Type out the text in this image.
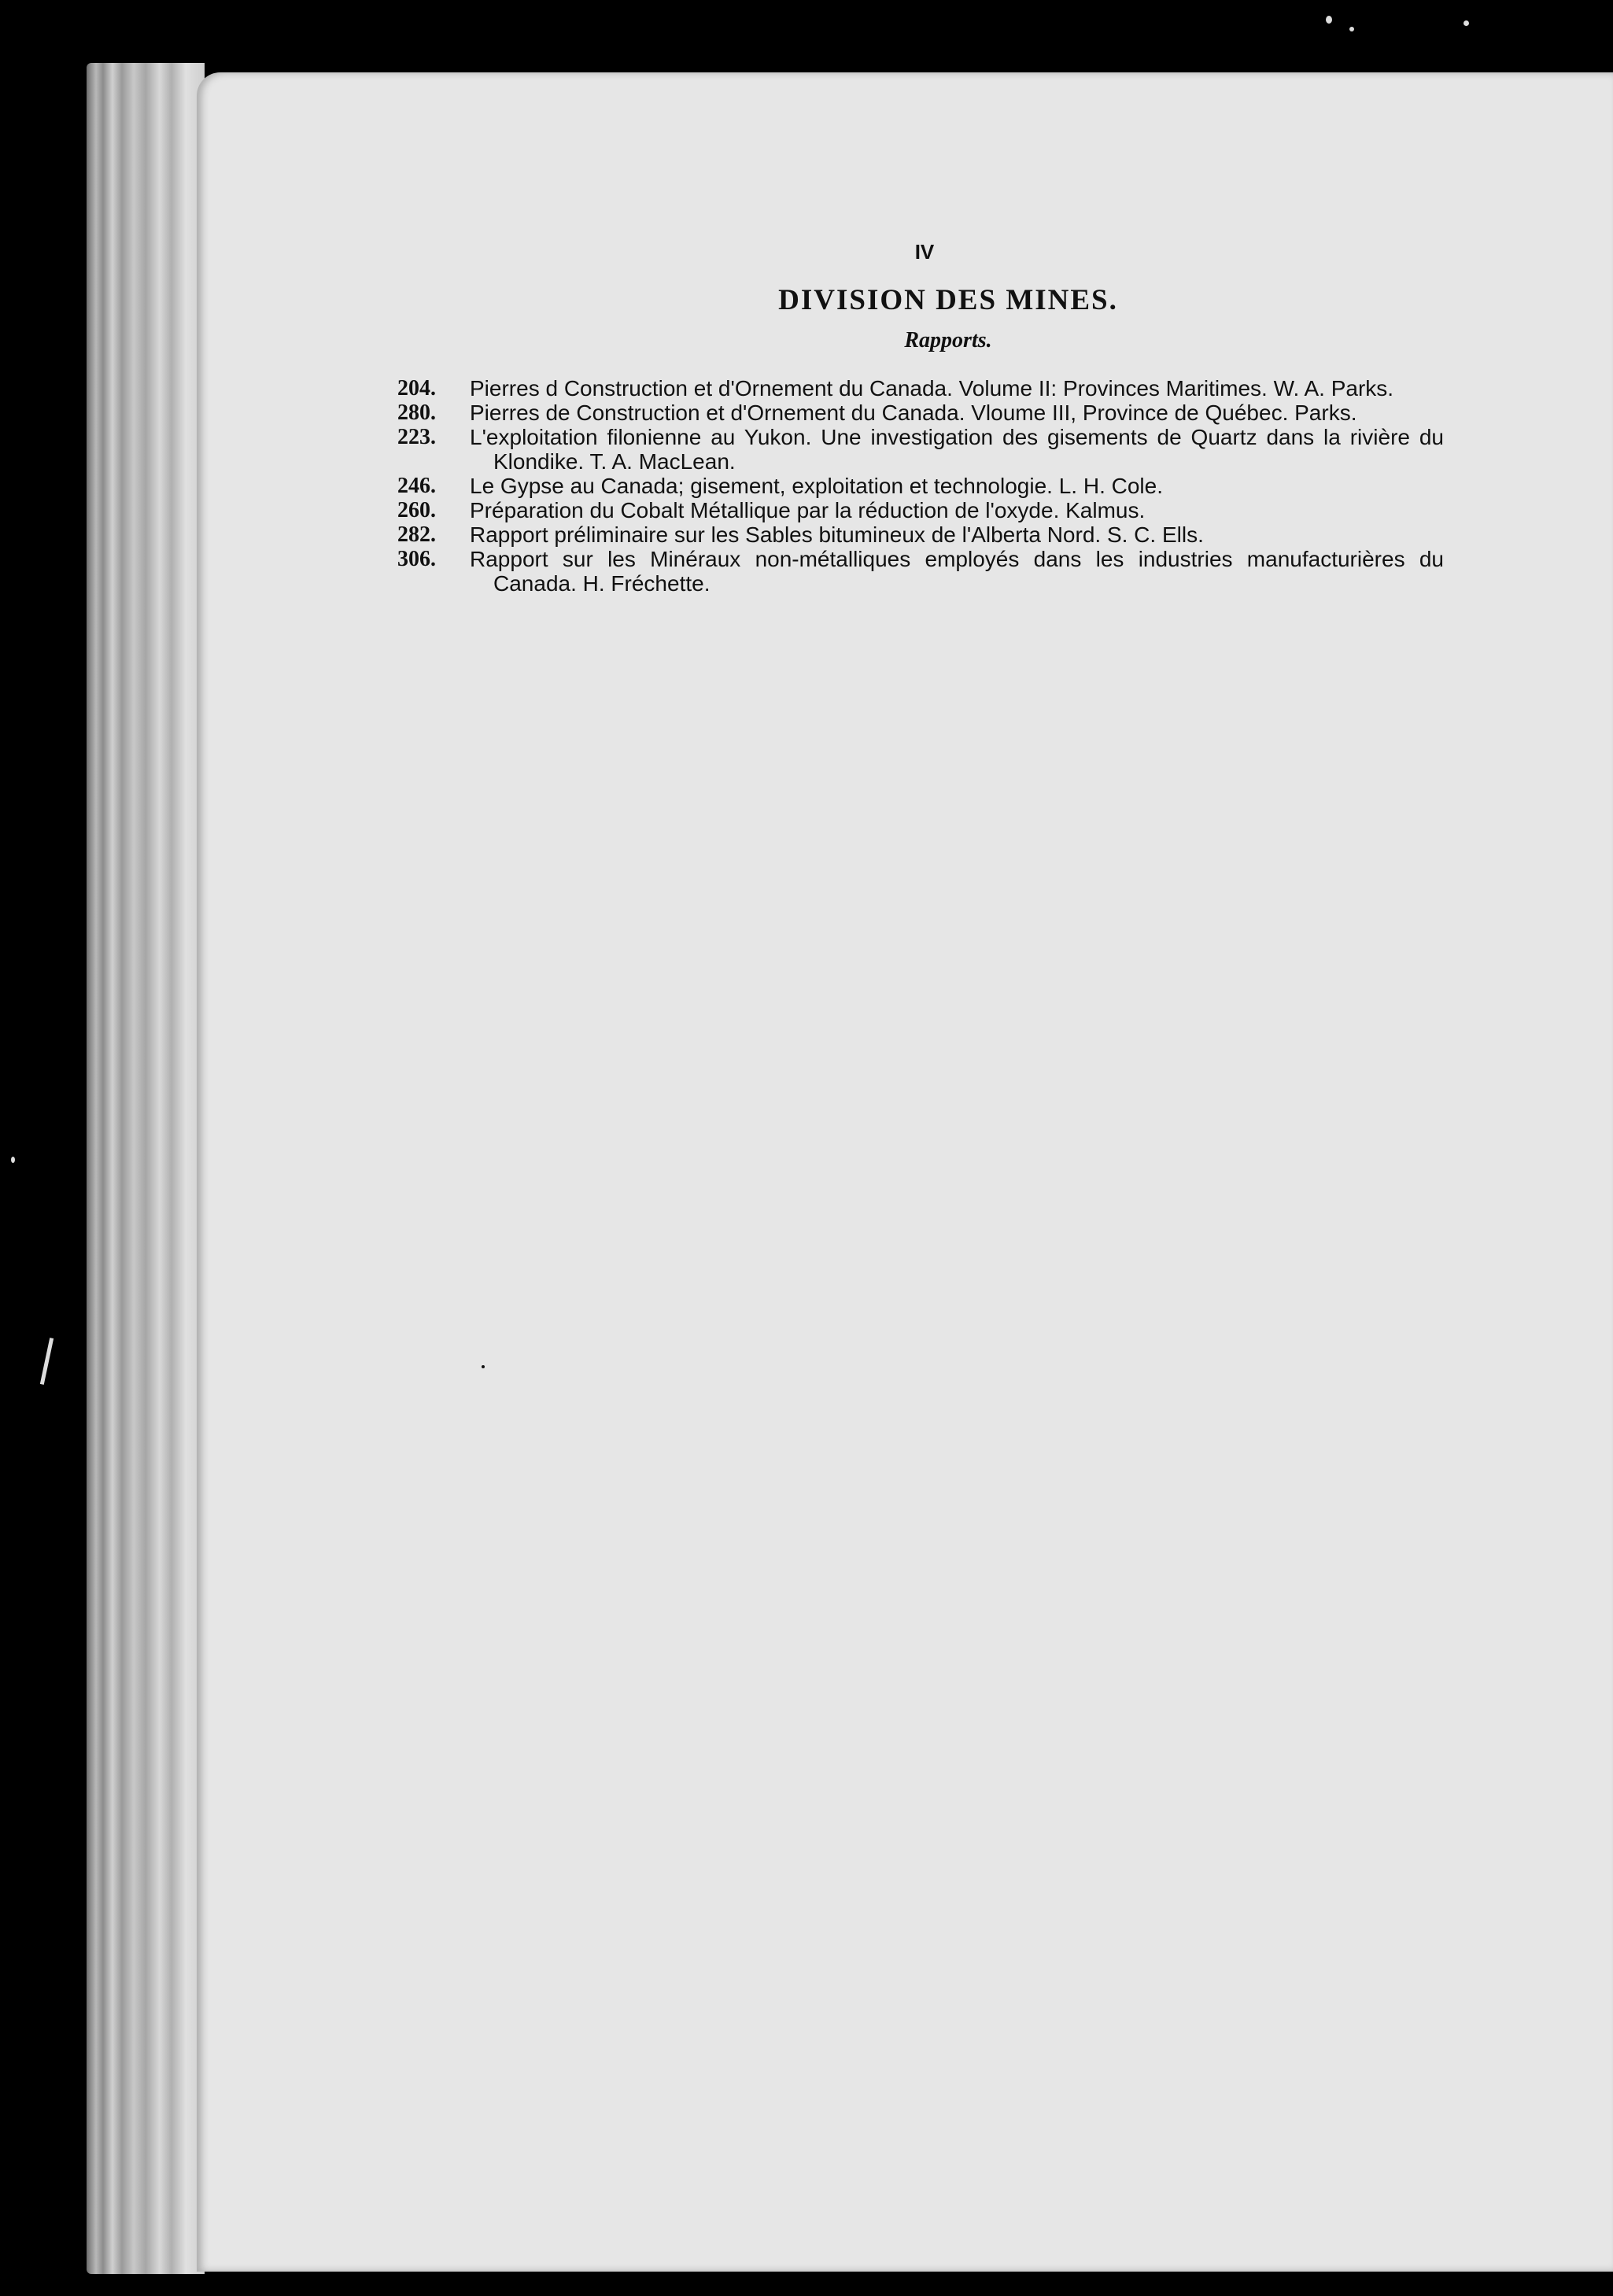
IV
DIVISION DES MINES.
Rapports.
204.	Pierres d Construction et d'Ornement du Canada. Volume II: Provinces Maritimes. W. A. Parks.
280.	Pierres de Construction et d'Ornement du Canada. Vloume III, Province de Québec. Parks.
223.	L'exploitation filonienne au Yukon. Une investigation des gisements de Quartz dans la rivière du Klondike. T. A. MacLean.
246.	Le Gypse au Canada; gisement, exploitation et technologie. L. H. Cole.
260.	Préparation du Cobalt Métallique par la réduction de l'oxyde. Kalmus.
282.	Rapport préliminaire sur les Sables bitumineux de l'Alberta Nord. S. C. Ells.
306.	Rapport sur les Minéraux non-métalliques employés dans les industries manufacturières du Canada. H. Fréchette.
